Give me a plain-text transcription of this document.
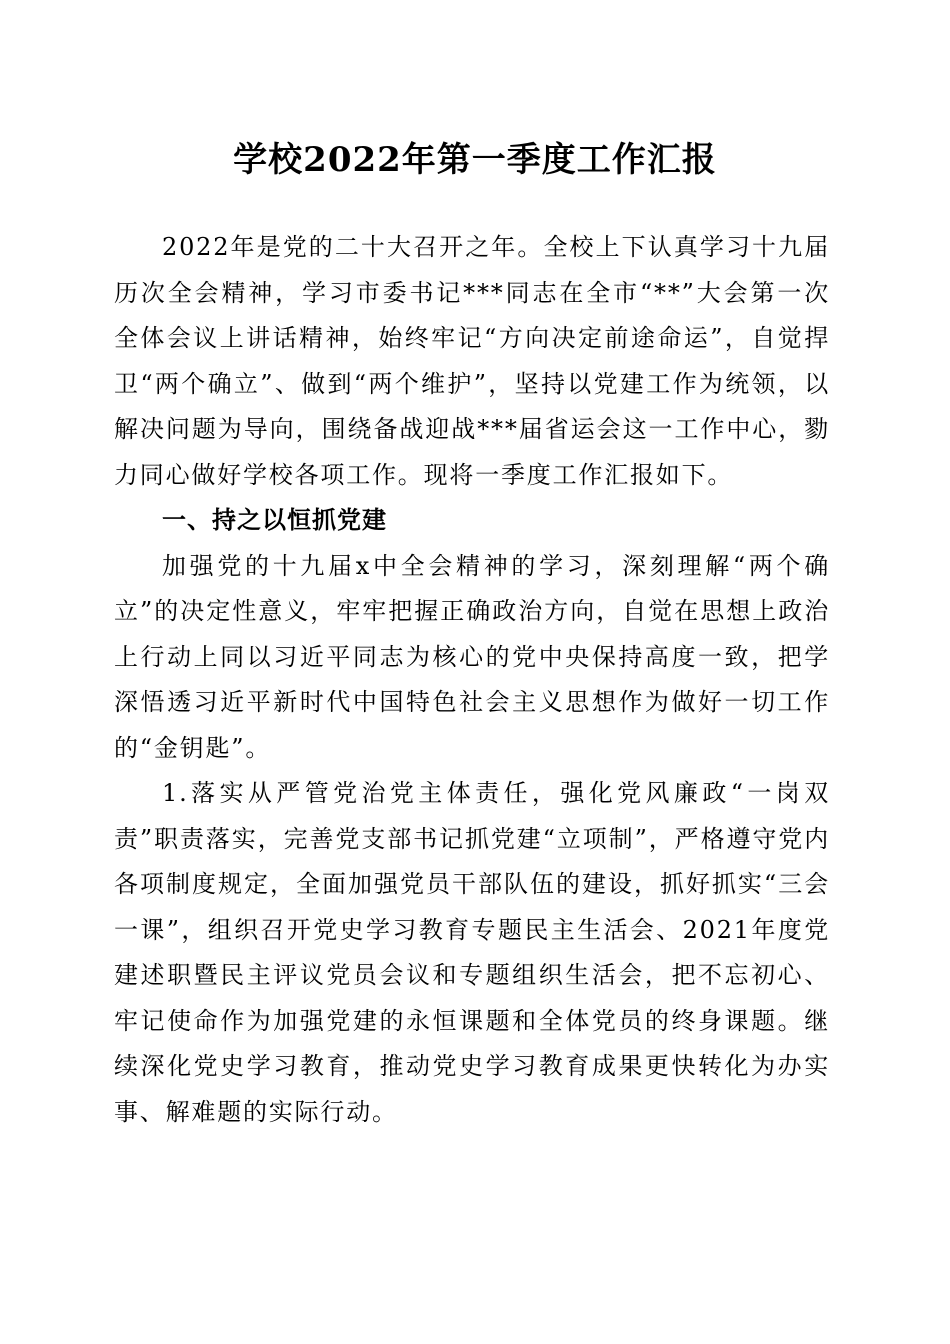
学校2022年第一季度工作汇报

2022年是党的二十大召开之年。全校上下认真学习十九届历次全会精神，学习市委书记***同志在全市“**”大会第一次全体会议上讲话精神，始终牢记“方向决定前途命运”，自觉捍卫“两个确立”、做到“两个维护”，坚持以党建工作为统领，以解决问题为导向，围绕备战迎战***届省运会这一工作中心，勠力同心做好学校各项工作。现将一季度工作汇报如下。

一、持之以恒抓党建

加强党的十九届x中全会精神的学习，深刻理解“两个确立”的决定性意义，牢牢把握正确政治方向，自觉在思想上政治上行动上同以习近平同志为核心的党中央保持高度一致，把学深悟透习近平新时代中国特色社会主义思想作为做好一切工作的“金钥匙”。

1.落实从严管党治党主体责任，强化党风廉政“一岗双责”职责落实，完善党支部书记抓党建“立项制”，严格遵守党内各项制度规定，全面加强党员干部队伍的建设，抓好抓实“三会一课”，组织召开党史学习教育专题民主生活会、2021年度党建述职暨民主评议党员会议和专题组织生活会，把不忘初心、牢记使命作为加强党建的永恒课题和全体党员的终身课题。继续深化党史学习教育，推动党史学习教育成果更快转化为办实事、解难题的实际行动。
